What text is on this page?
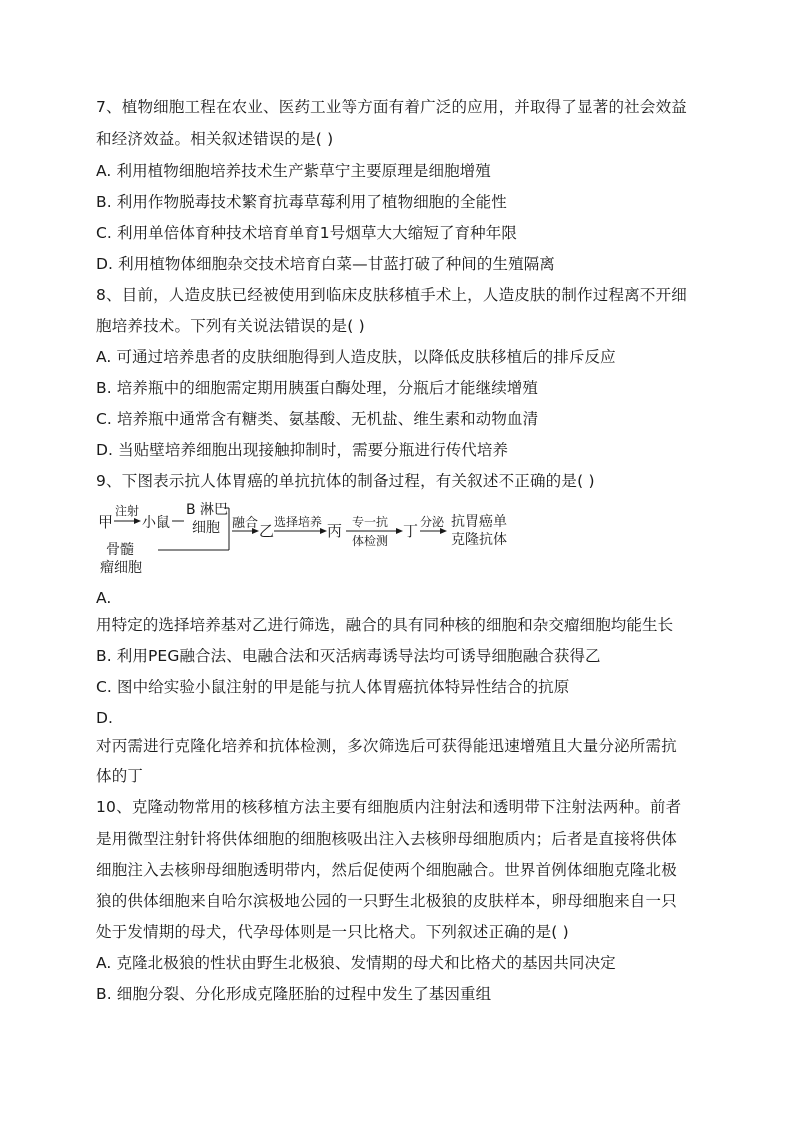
7、植物细胞工程在农业、医药工业等方面有着广泛的应用，并取得了显著的社会效益
和经济效益。相关叙述错误的是( )
A. 利用植物细胞培养技术生产紫草宁主要原理是细胞增殖
B. 利用作物脱毒技术繁育抗毒草莓利用了植物细胞的全能性
C. 利用单倍体育种技术培育单育1号烟草大大缩短了育种年限
D. 利用植物体细胞杂交技术培育白菜—甘蓝打破了种间的生殖隔离
8、目前，人造皮肤已经被使用到临床皮肤移植手术上，人造皮肤的制作过程离不开细
胞培养技术。下列有关说法错误的是( )
A. 可通过培养患者的皮肤细胞得到人造皮肤，以降低皮肤移植后的排斥反应
B. 培养瓶中的细胞需定期用胰蛋白酶处理，分瓶后才能继续增殖
C. 培养瓶中通常含有糖类、氨基酸、无机盐、维生素和动物血清
D. 当贴壁培养细胞出现接触抑制时，需要分瓶进行传代培养
9、下图表示抗人体胃癌的单抗抗体的制备过程，有关叙述不正确的是( )
甲
注射
小鼠
B 淋巴
细胞
骨髓
瘤细胞
融合 乙 选择培养 丙 专一抗
体检测
丁 分泌 抗胃癌单
克隆抗体
A.
用特定的选择培养基对乙进行筛选，融合的具有同种核的细胞和杂交瘤细胞均能生长
B. 利用PEG融合法、电融合法和灭活病毒诱导法均可诱导细胞融合获得乙
C. 图中给实验小鼠注射的甲是能与抗人体胃癌抗体特异性结合的抗原
D.
对丙需进行克隆化培养和抗体检测，多次筛选后可获得能迅速增殖且大量分泌所需抗
体的丁
10、克隆动物常用的核移植方法主要有细胞质内注射法和透明带下注射法两种。前者
是用微型注射针将供体细胞的细胞核吸出注入去核卵母细胞质内；后者是直接将供体
细胞注入去核卵母细胞透明带内，然后促使两个细胞融合。世界首例体细胞克隆北极
狼的供体细胞来自哈尔滨极地公园的一只野生北极狼的皮肤样本，卵母细胞来自一只
处于发情期的母犬，代孕母体则是一只比格犬。下列叙述正确的是( )
A. 克隆北极狼的性状由野生北极狼、发情期的母犬和比格犬的基因共同决定
B. 细胞分裂、分化形成克隆胚胎的过程中发生了基因重组
